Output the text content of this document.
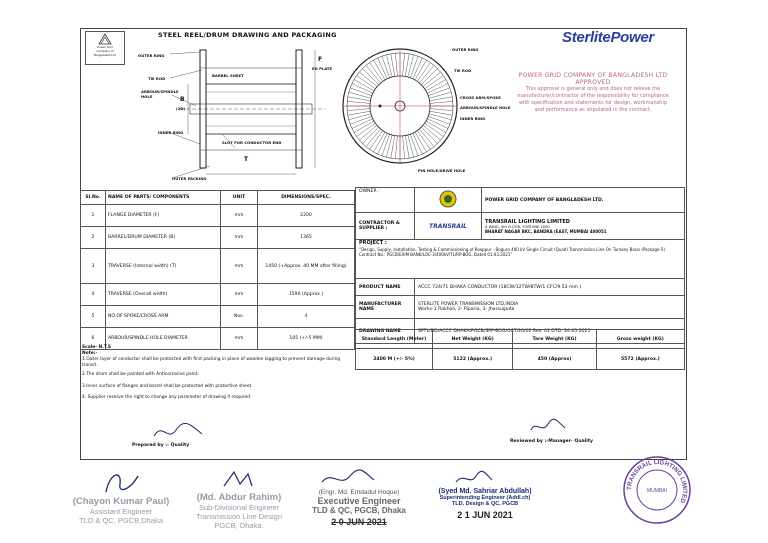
Power Grid
Company of
Bangladesh Ltd
STEEL REEL/DRUM DRAWING AND PACKAGING	SterlitePower
OUTER RING
TIE ROD
BARREL SHEET
ARBOUR/SPINDLE HOLE
(2D)
INNER RING
SLOT FOR CONDUCTOR END
OUTER PACKING
F
T
B
OUTER RING
ED PLATE	TIE ROD
CROSS ARM/SPOKE
ARBOUR/SPINDLE HOLE
INNER RING
PIN HOLE/DRIVE HOLE
POWER GRID COMPANY OF BANGLADESH LTD
APPROVED
This approval is general only and does not relieve the manufacturer/contractor of the responsibility for compliance with specification and statements for design, workmanship and performance as stipulated in the contract.
Sl.No.	NAME OF PARTS/ COMPONENTS	UNIT	DIMENSIONS/SPEC.
1	FLANGE DIAMETER (F)	mm	2200
2	BARREL/DRUM DIAMETER (B)	mm	1365
3	TRAVERSE (Internal width) (T)	mm	1450 (+Approx. 40 MM after filling)
4	TRAVERSE (Overall width)	mm	1590 (Approx.)
5	NO.OF SPOKE/CROSS ARM	Nos.	4
6	ARBOUR/SPINDLE HOLE DIAMETER	mm	105 (+/-5 MM)
OWNER :		POWER GRID COMPANY OF BANGLADESH LTD.
CONTRACTOR & SUPPLIER :	TRANSRAIL	TRANSRAIL LIGHTING LIMITED
A WING, 5th FLOOR, FORTUNE 2000
BHARAT NAGAR BKC, BANDRA (EAST, MUMBAI 400051

PROJECT :
"Design, Supply, Installation, Testing & Commissioning of Rooppur - Bogura 400 kV Single Circuit (Quad) Transmission Line On Turnkey Basis (Package-5)
Contract No.: PGCB/EXIM BANK/LOC-3/400kV/TL/RP-BOG, Dated 01.03.2021"		

PRODUCT NAME	ACCC 724/71 DHAKA CONDUCTOR (18CW/12TW/8TW/1 CFC/9.53 mm )	
MANUFACTURER NAME	STERLITE POWER TRANSMISSION LTD,INDIA
Works-1 Rakholi, 2- Piparia, 3- Jharsuguda	

DRAWING NAME	SPTL/DD/ACCC DHAKA/PGCB/SPP-BOG/OCT/20/02 Rev. 01 DTD. 24.05.2021	
Standard Length (Meter)	Net Weight (KG)	Tare Weight (KG)	Gross weight (KG)
2400 M (+/- 5%)	5122 (Approx.)	450 (Approx)	5572 (Approx.)
Scale- N.T.S
Note:-
1.Outer layer of conductor shall be protected with first packing in place of wooden lagging to prevent damage during transit.
2.The drum shall be painted with Anticorrosive paint.
3.Inner surface of flanges and barrel shall be protected with protective sheet.
4. Supplier reserve the right to change any parameter of drawing if required.
Prepared by :- Quality
Reviewed by :-Manager- Quality
(Chayon Kumar Paul)
Assistant Engineer
TLD & QC, PGCB,Dhaka
(Md. Abdur Rahim)
Sub-Divisional Engineer
Transmission Line Design
PGCB, Dhaka.
(Engr. Md. Emdadul Hoque)
Executive Engineer
TLD & QC, PGCB, Dhaka
2 0 JUN 2021
(Syed Md. Sahriar Abdullah)
Superintending Engineer (Addl.ch)
TLD, Design & QC, PGCB
2 1 JUN 2021
TRANSRAIL LIGHTING LIMITED
MUMBAI
